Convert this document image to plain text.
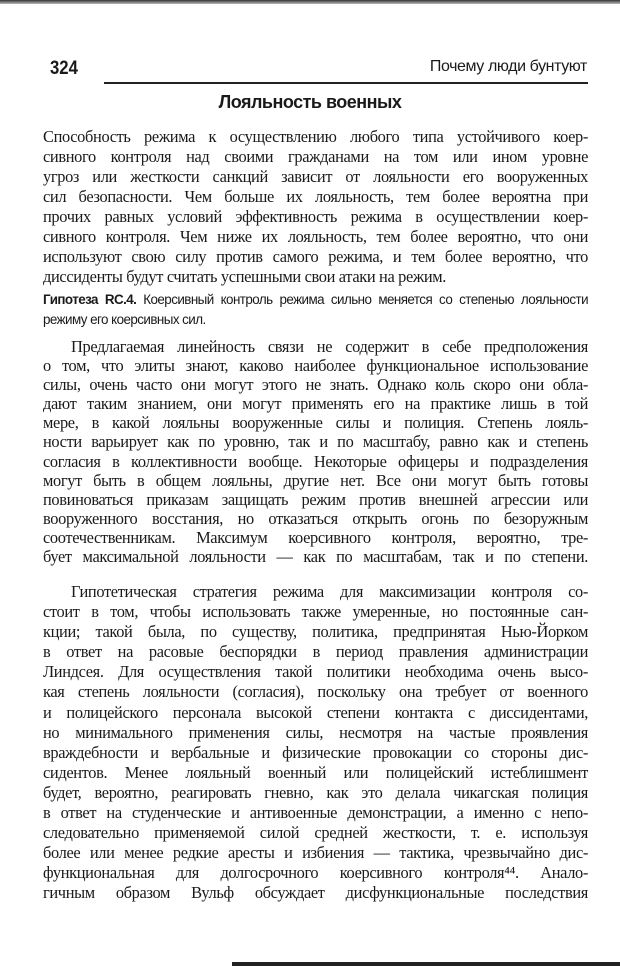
324	Почему люди бунтуют
Лояльность военных
Способность режима к осуществлению любого типа устойчивого коер-
сивного контроля над своими гражданами на том или ином уровне
угроз или жесткости санкций зависит от лояльности его вооруженных
сил безопасности. Чем больше их лояльность, тем более вероятна при
прочих равных условий эффективность режима в осуществлении коер-
сивного контроля. Чем ниже их лояльность, тем более вероятно, что они
используют свою силу против самого режима, и тем более вероятно, что
диссиденты будут считать успешными свои атаки на режим.
Гипотеза RC.4. Коерсивный контроль режима сильно меняется со степенью лояльности
режиму его коерсивных сил.
Предлагаемая линейность связи не содержит в себе предположения
о том, что элиты знают, каково наиболее функциональное использование
силы, очень часто они могут этого не знать. Однако коль скоро они обла-
дают таким знанием, они могут применять его на практике лишь в той
мере, в какой лояльны вооруженные силы и полиция. Степень лояль-
ности варьирует как по уровню, так и по масштабу, равно как и степень
согласия в коллективности вообще. Некоторые офицеры и подразделения
могут быть в общем лояльны, другие нет. Все они могут быть готовы
повиноваться приказам защищать режим против внешней агрессии или
вооруженного восстания, но отказаться открыть огонь по безоружным
соотечественникам. Максимум коерсивного контроля, вероятно, тре-
бует максимальной лояльности — как по масштабам, так и по степени.
Гипотетическая стратегия режима для максимизации контроля со-
стоит в том, чтобы использовать также умеренные, но постоянные сан-
кции; такой была, по существу, политика, предпринятая Нью-Йорком
в ответ на расовые беспорядки в период правления администрации
Линдсея. Для осуществления такой политики необходима очень высо-
кая степень лояльности (согласия), поскольку она требует от военного
и полицейского персонала высокой степени контакта с диссидентами,
но минимального применения силы, несмотря на частые проявления
враждебности и вербальные и физические провокации со стороны дис-
сидентов. Менее лояльный военный или полицейский истеблишмент
будет, вероятно, реагировать гневно, как это делала чикагская полиция
в ответ на студенческие и антивоенные демонстрации, а именно с непо-
следовательно применяемой силой средней жесткости, т. е. используя
более или менее редкие аресты и избиения — тактика, чрезвычайно дис-
функциональная для долгосрочного коерсивного контроля⁴⁴. Анало-
гичным образом Вульф обсуждает дисфункциональные последствия
